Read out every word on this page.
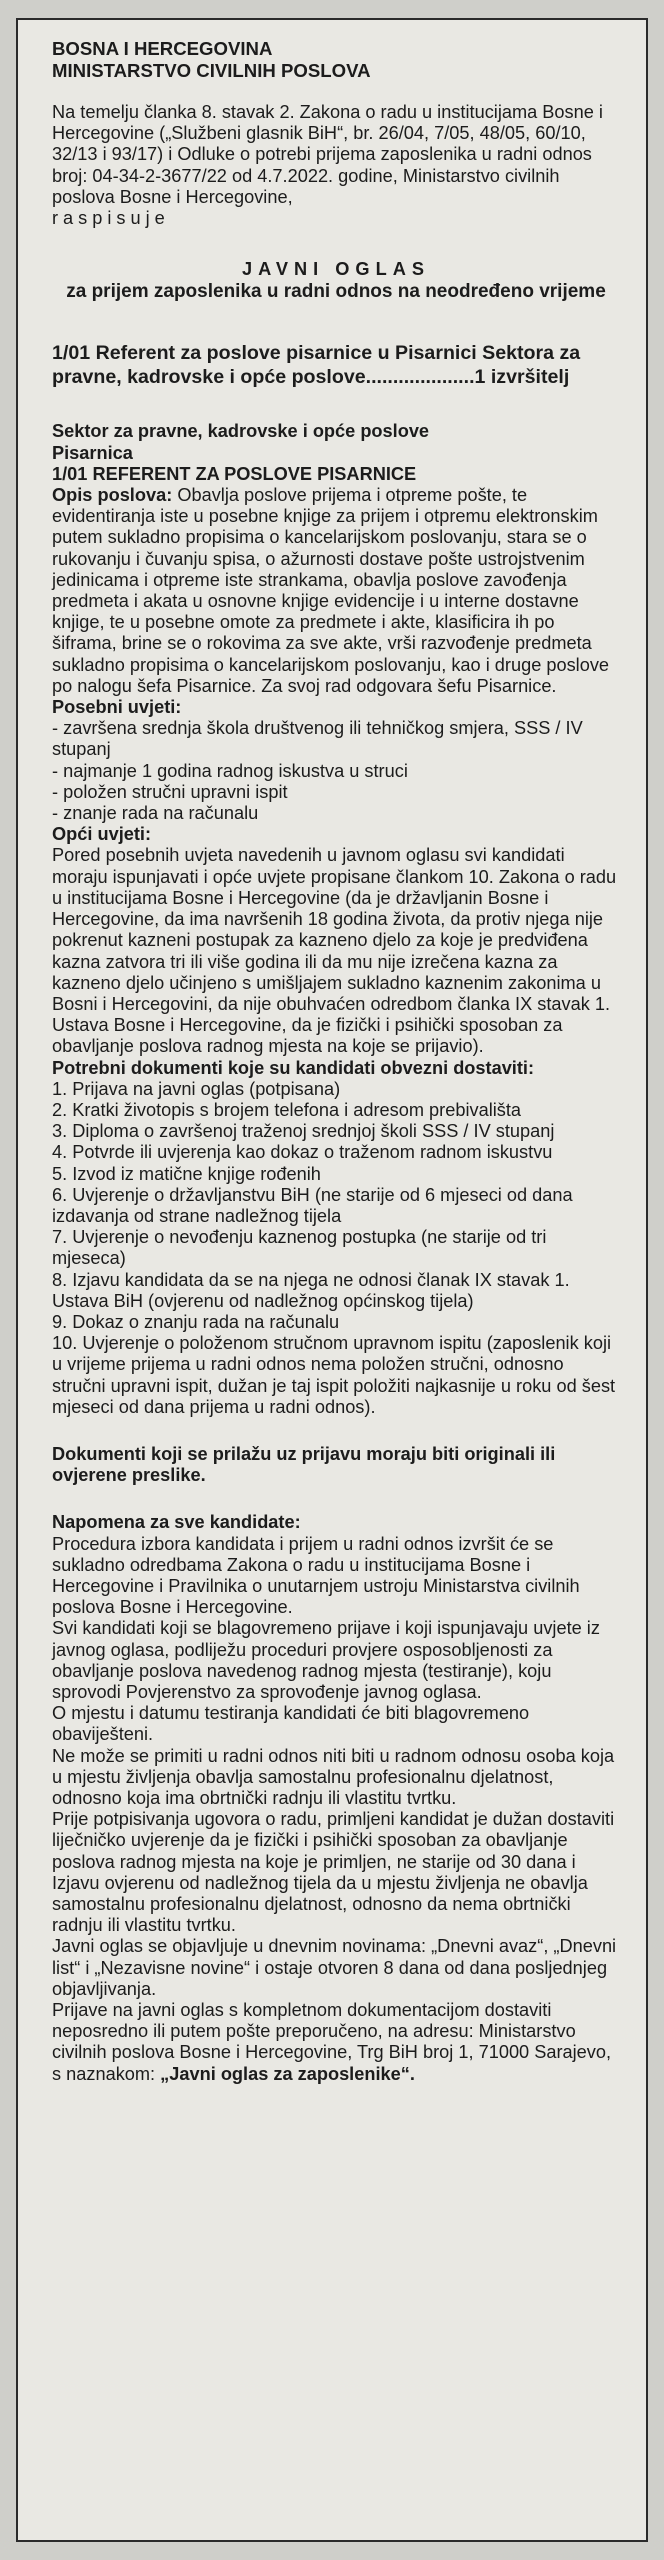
BOSNA I HERCEGOVINA
MINISTARSTVO CIVILNIH POSLOVA
Na temelju članka 8. stavak 2. Zakona o radu u institucijama Bosne i Hercegovine („Službeni glasnik BiH“, br. 26/04, 7/05, 48/05, 60/10, 32/13 i 93/17) i Odluke o potrebi prijema zaposlenika u radni odnos broj: 04-34-2-3677/22 od 4.7.2022. godine, Ministarstvo civilnih poslova Bosne i Hercegovine,
raspisuje
JAVNI OGLAS
za prijem zaposlenika u radni odnos na neodređeno vrijeme
1/01 Referent za poslove pisarnice u Pisarnici Sektora za pravne, kadrovske i opće poslove....................1 izvršitelj
Sektor za pravne, kadrovske i opće poslove
Pisarnica
1/01 REFERENT ZA POSLOVE PISARNICE
Opis poslova: Obavlja poslove prijema i otpreme pošte, te evidentiranja iste u posebne knjige za prijem i otpremu elektronskim putem sukladno propisima o kancelarijskom poslovanju, stara se o rukovanju i čuvanju spisa, o ažurnosti dostave pošte ustrojstvenim jedinicama i otpreme iste strankama, obavlja poslove zavođenja predmeta i akata u osnovne knjige evidencije i u interne dostavne knjige, te u posebne omote za predmete i akte, klasificira ih po šiframa, brine se o rokovima za sve akte, vrši razvođenje predmeta sukladno propisima o kancelarijskom poslovanju, kao i druge poslove po nalogu šefa Pisarnice. Za svoj rad odgovara šefu Pisarnice.
Posebni uvjeti:
- završena srednja škola društvenog ili tehničkog smjera, SSS / IV stupanj
- najmanje 1 godina radnog iskustva u struci
- položen stručni upravni ispit
- znanje rada na računalu
Opći uvjeti:
Pored posebnih uvjeta navedenih u javnom oglasu svi kandidati moraju ispunjavati i opće uvjete propisane člankom 10. Zakona o radu u institucijama Bosne i Hercegovine (da je državljanin Bosne i Hercegovine, da ima navršenih 18 godina života, da protiv njega nije pokrenut kazneni postupak za kazneno djelo za koje je predviđena kazna zatvora tri ili više godina ili da mu nije izrečena kazna za kazneno djelo učinjeno s umišljajem sukladno kaznenim zakonima u Bosni i Hercegovini, da nije obuhvaćen odredbom članka IX stavak 1. Ustava Bosne i Hercegovine, da je fizički i psihički sposoban za obavljanje poslova radnog mjesta na koje se prijavio).
Potrebni dokumenti koje su kandidati obvezni dostaviti:
1. Prijava na javni oglas (potpisana)
2. Kratki životopis s brojem telefona i adresom prebivališta
3. Diploma o završenoj traženoj srednjoj školi SSS / IV stupanj
4. Potvrde ili uvjerenja kao dokaz o traženom radnom iskustvu
5. Izvod iz matične knjige rođenih
6. Uvjerenje o državljanstvu BiH (ne starije od 6 mjeseci od dana izdavanja od strane nadležnog tijela
7. Uvjerenje o nevođenju kaznenog postupka (ne starije od tri mjeseca)
8. Izjavu kandidata da se na njega ne odnosi članak IX stavak 1. Ustava BiH (ovjerenu od nadležnog općinskog tijela)
9. Dokaz o znanju rada na računalu
10. Uvjerenje o položenom stručnom upravnom ispitu (zaposlenik koji u vrijeme prijema u radni odnos nema položen stručni, odnosno stručni upravni ispit, dužan je taj ispit položiti najkasnije u roku od šest mjeseci od dana prijema u radni odnos).
Dokumenti koji se prilažu uz prijavu moraju biti originali ili ovjerene preslike.
Napomena za sve kandidate:
Procedura izbora kandidata i prijem u radni odnos izvršit će se sukladno odredbama Zakona o radu u institucijama Bosne i Hercegovine i Pravilnika o unutarnjem ustroju Ministarstva civilnih poslova Bosne i Hercegovine.
Svi kandidati koji se blagovremeno prijave i koji ispunjavaju uvjete iz javnog oglasa, podliježu proceduri provjere osposobljenosti za obavljanje poslova navedenog radnog mjesta (testiranje), koju sprovodi Povjerenstvo za sprovođenje javnog oglasa.
O mjestu i datumu testiranja kandidati će biti blagovremeno obaviješteni.
Ne može se primiti u radni odnos niti biti u radnom odnosu osoba koja u mjestu življenja obavlja samostalnu profesionalnu djelatnost, odnosno koja ima obrtnički radnju ili vlastitu tvrtku.
Prije potpisivanja ugovora o radu, primljeni kandidat je dužan dostaviti liječničko uvjerenje da je fizički i psihički sposoban za obavljanje poslova radnog mjesta na koje je primljen, ne starije od 30 dana i Izjavu ovjerenu od nadležnog tijela da u mjestu življenja ne obavlja samostalnu profesionalnu djelatnost, odnosno da nema obrtnički radnju ili vlastitu tvrtku.
Javni oglas se objavljuje u dnevnim novinama: „Dnevni avaz“, „Dnevni list“ i „Nezavisne novine“ i ostaje otvoren 8 dana od dana posljednjeg objavljivanja.
Prijave na javni oglas s kompletnom dokumentacijom dostaviti neposredno ili putem pošte preporučeno, na adresu: Ministarstvo civilnih poslova Bosne i Hercegovine, Trg BiH broj 1, 71000 Sarajevo, s naznakom: „Javni oglas za zaposlenike“.
